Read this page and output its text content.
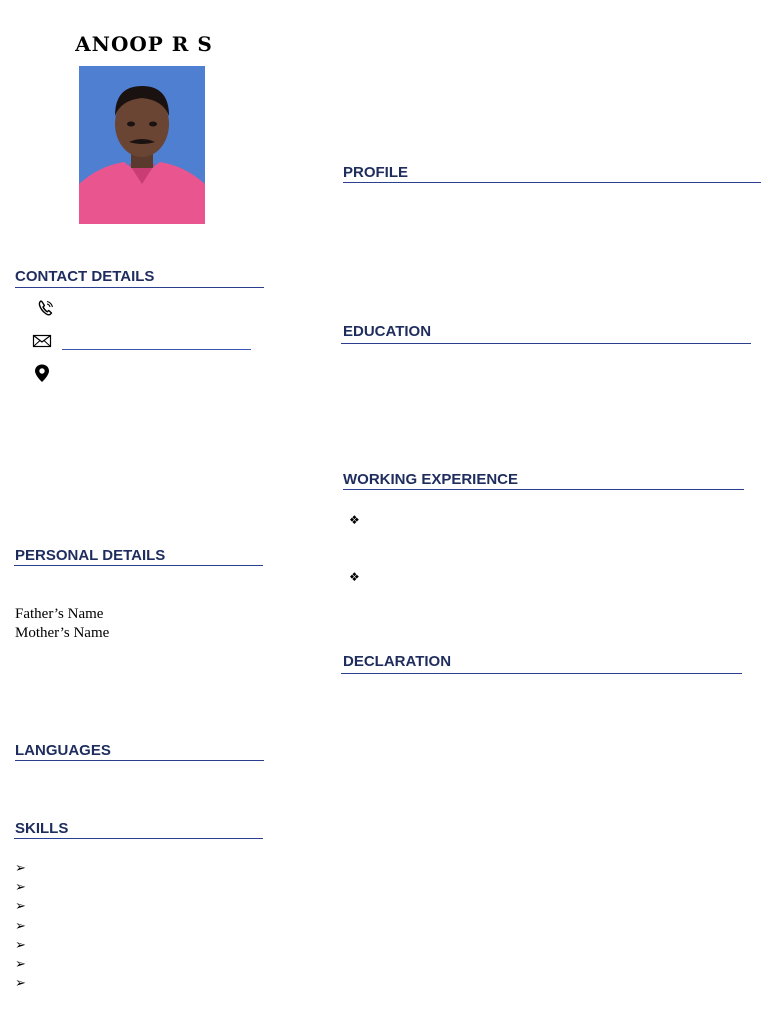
ANOOP R S
CONTACT DETAILS
PERSONAL DETAILS
Father’s Name
Mother’s Name
LANGUAGES
SKILLS
➢
➢
➢
➢
➢
➢
➢
PROFILE
EDUCATION
WORKING EXPERIENCE
❖
❖
DECLARATION
